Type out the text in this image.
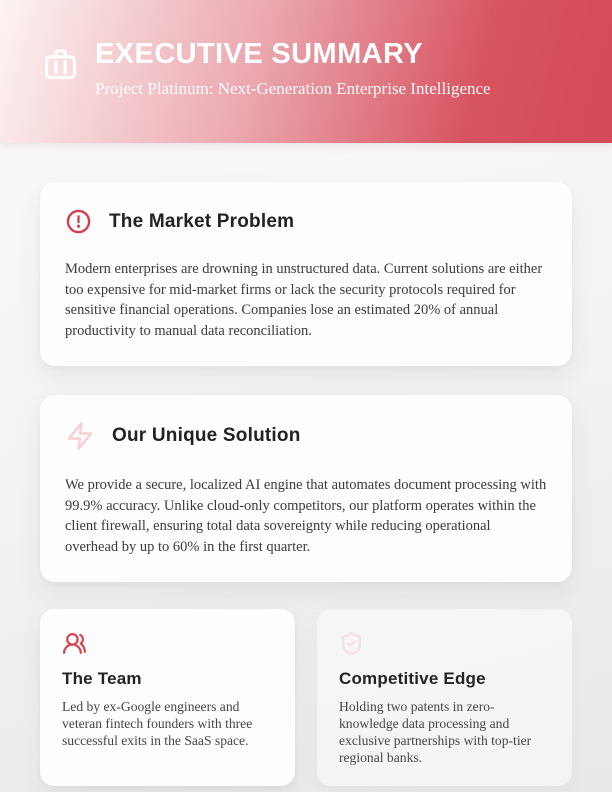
EXECUTIVE SUMMARY
Project Platinum: Next-Generation Enterprise Intelligence
The Market Problem

Modern enterprises are drowning in unstructured data. Current solutions are either too expensive for mid-market firms or lack the security protocols required for sensitive financial operations. Companies lose an estimated 20% of annual productivity to manual data reconciliation.

Our Unique Solution

We provide a secure, localized AI engine that automates document processing with 99.9% accuracy. Unlike cloud-only competitors, our platform operates within the client firewall, ensuring total data sovereignty while reducing operational overhead by up to 60% in the first quarter.

The Team

Led by ex-Google engineers and veteran fintech founders with three successful exits in the SaaS space.

Competitive Edge

Holding two patents in zero-knowledge data processing and exclusive partnerships with top-tier regional banks.
